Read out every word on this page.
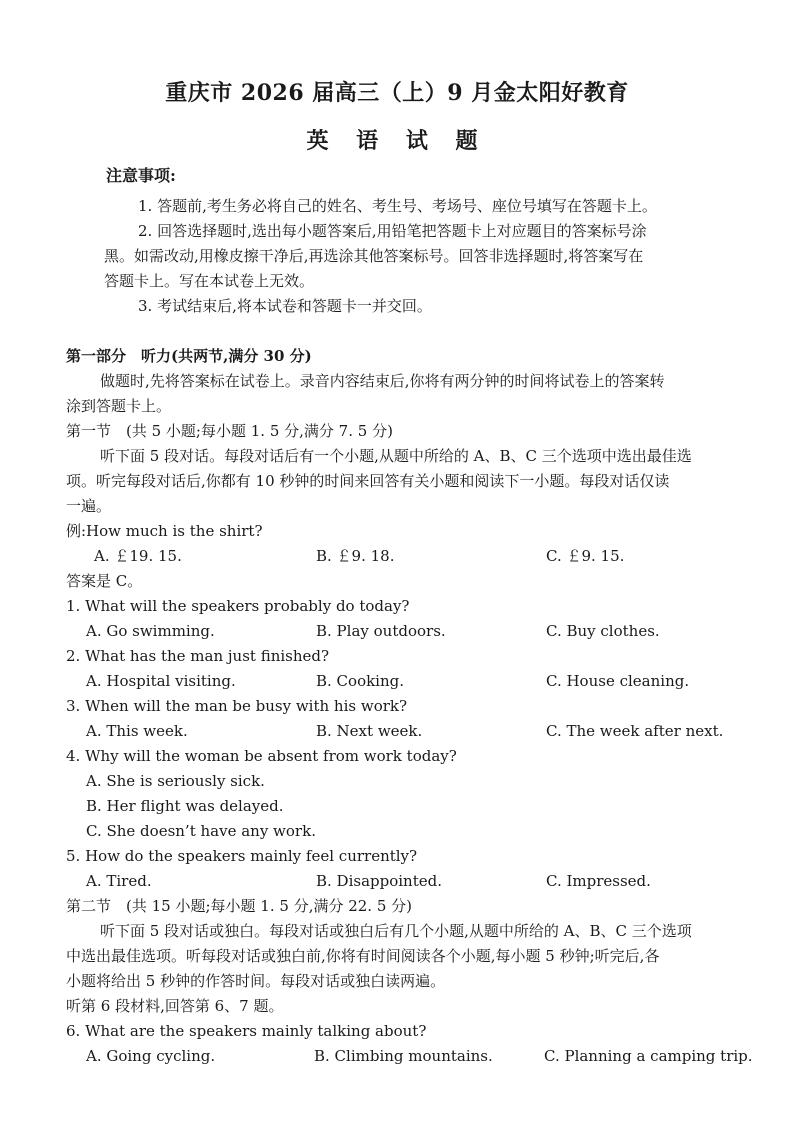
重庆市 2026 届高三（上）9 月金太阳好教育
英 语 试 题
注意事项:
1. 答题前,考生务必将自己的姓名、考生号、考场号、座位号填写在答题卡上。
2. 回答选择题时,选出每小题答案后,用铅笔把答题卡上对应题目的答案标号涂
黑。如需改动,用橡皮擦干净后,再选涂其他答案标号。回答非选择题时,将答案写在
答题卡上。写在本试卷上无效。
3. 考试结束后,将本试卷和答题卡一并交回。
第一部分　听力(共两节,满分 30 分)
做题时,先将答案标在试卷上。录音内容结束后,你将有两分钟的时间将试卷上的答案转
涂到答题卡上。
第一节　(共 5 小题;每小题 1. 5 分,满分 7. 5 分)
听下面 5 段对话。每段对话后有一个小题,从题中所给的 A、B、C 三个选项中选出最佳选
项。听完每段对话后,你都有 10 秒钟的时间来回答有关小题和阅读下一小题。每段对话仅读
一遍。
例:How much is the shirt?
A. ￡19. 15.	B. ￡9. 18.	C. ￡9. 15.
答案是 C。
1. What will the speakers probably do today?
A. Go swimming.	B. Play outdoors.	C. Buy clothes.
2. What has the man just finished?
A. Hospital visiting.	B. Cooking.	C. House cleaning.
3. When will the man be busy with his work?
A. This week.	B. Next week.	C. The week after next.
4. Why will the woman be absent from work today?
A. She is seriously sick.
B. Her flight was delayed.
C. She doesn’t have any work.
5. How do the speakers mainly feel currently?
A. Tired.	B. Disappointed.	C. Impressed.
第二节　(共 15 小题;每小题 1. 5 分,满分 22. 5 分)
听下面 5 段对话或独白。每段对话或独白后有几个小题,从题中所给的 A、B、C 三个选项
中选出最佳选项。听每段对话或独白前,你将有时间阅读各个小题,每小题 5 秒钟;听完后,各
小题将给出 5 秒钟的作答时间。每段对话或独白读两遍。
听第 6 段材料,回答第 6、7 题。
6. What are the speakers mainly talking about?
A. Going cycling.	B. Climbing mountains.	C. Planning a camping trip.
